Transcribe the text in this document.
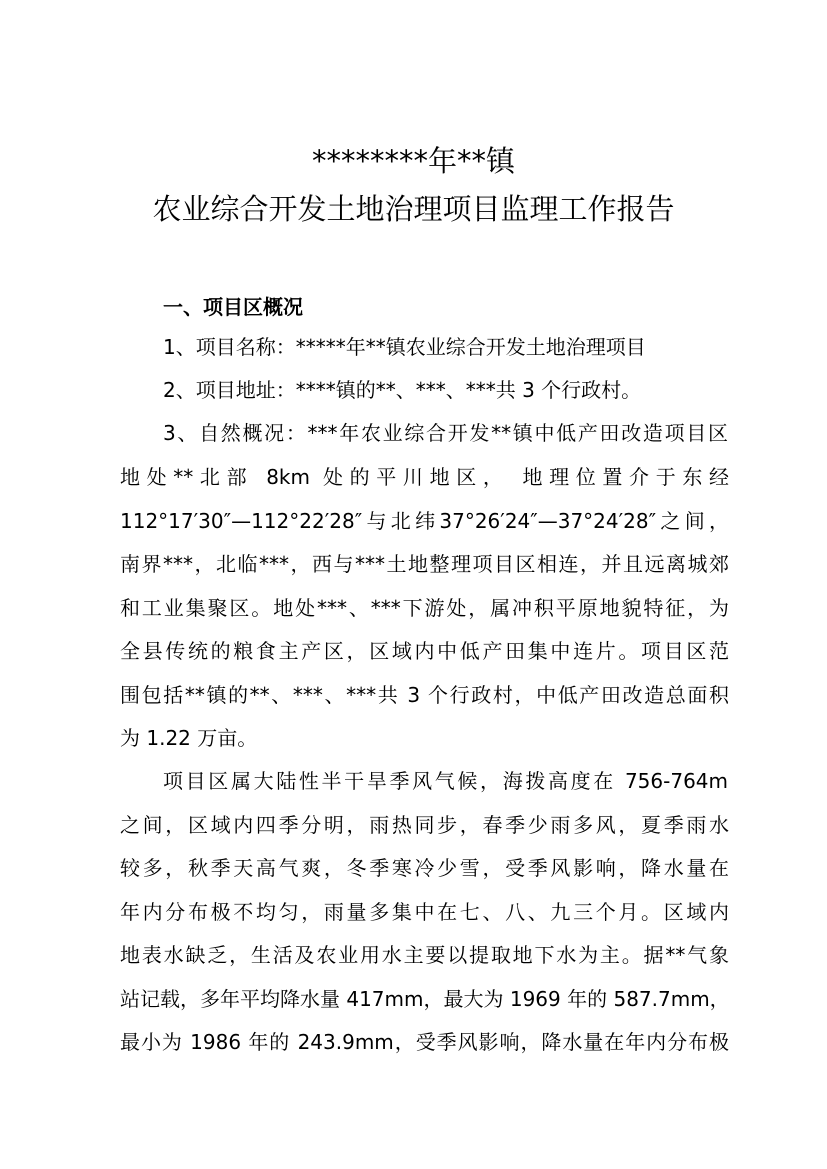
********年**镇
农业综合开发土地治理项目监理工作报告
一、项目区概况
1、项目名称：*****年**镇农业综合开发土地治理项目
2、项目地址：****镇的**、***、***共 3 个行政村。
3、自然概况：***年农业综合开发**镇中低产田改造项目区
地处**北部 8km 处的平川地区， 地理位置介于东经
112°17′30″—112°22′28″与北纬37°26′24″—37°24′28″之间，
南界***，北临***，西与***土地整理项目区相连，并且远离城郊
和工业集聚区。地处***、***下游处，属冲积平原地貌特征，为
全县传统的粮食主产区，区域内中低产田集中连片。项目区范
围包括**镇的**、***、***共 3 个行政村，中低产田改造总面积
为 1.22 万亩。
项目区属大陆性半干旱季风气候，海拨高度在 756-764m
之间，区域内四季分明，雨热同步，春季少雨多风，夏季雨水
较多，秋季天高气爽，冬季寒冷少雪，受季风影响，降水量在
年内分布极不均匀，雨量多集中在七、八、九三个月。区域内
地表水缺乏，生活及农业用水主要以提取地下水为主。据**气象
站记载，多年平均降水量 417mm，最大为 1969 年的 587.7mm，
最小为 1986 年的 243.9mm，受季风影响，降水量在年内分布极
